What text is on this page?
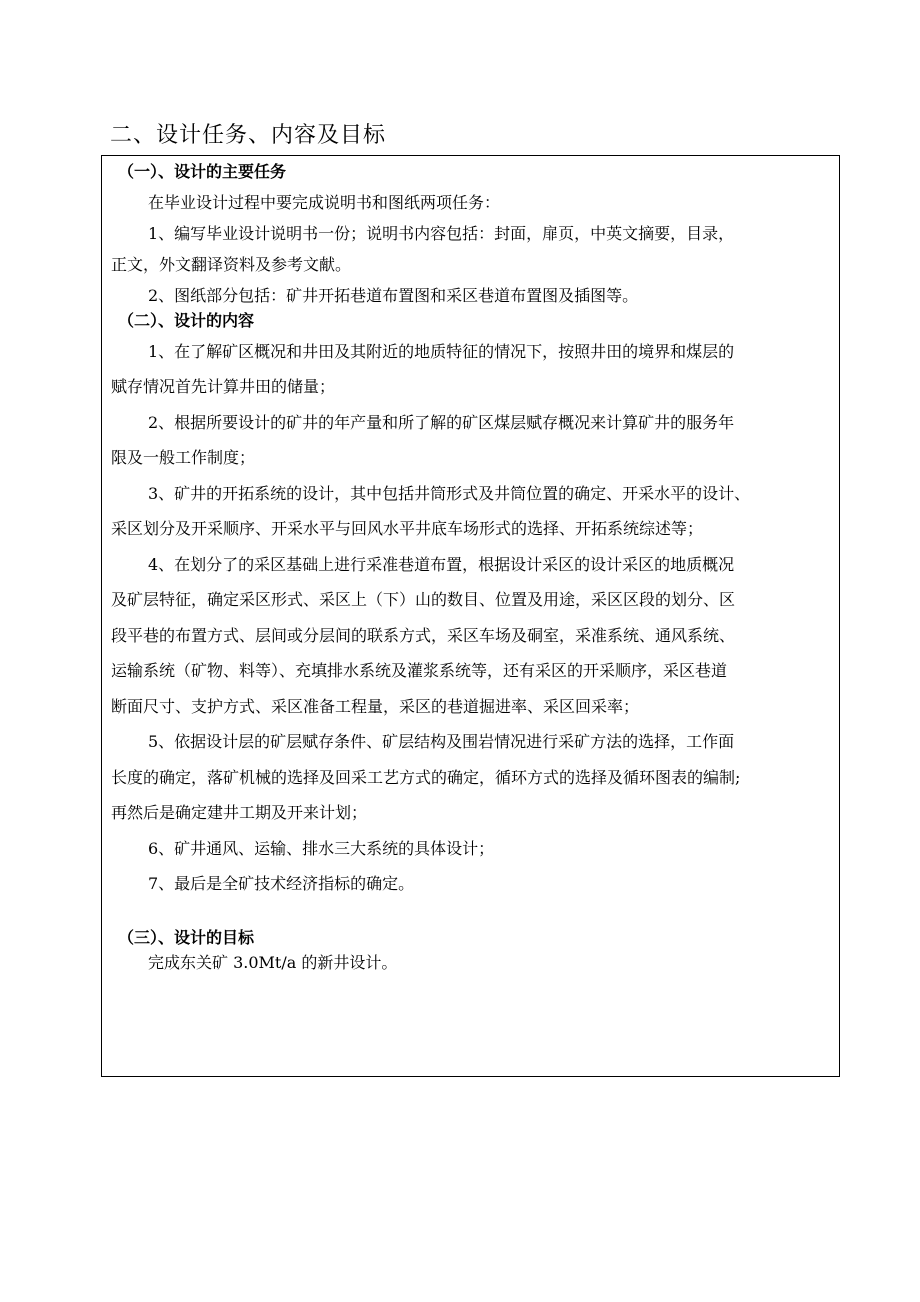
二、设计任务、内容及目标

（一）、设计的主要任务

在毕业设计过程中要完成说明书和图纸两项任务：

1、编写毕业设计说明书一份；说明书内容包括：封面，扉页，中英文摘要，目录，

正文，外文翻译资料及参考文献。

2、图纸部分包括：矿井开拓巷道布置图和采区巷道布置图及插图等。

（二）、设计的内容

1、在了解矿区概况和井田及其附近的地质特征的情况下，按照井田的境界和煤层的

赋存情况首先计算井田的储量；

2、根据所要设计的矿井的年产量和所了解的矿区煤层赋存概况来计算矿井的服务年

限及一般工作制度；

3、矿井的开拓系统的设计，其中包括井筒形式及井筒位置的确定、开采水平的设计、

采区划分及开采顺序、开采水平与回风水平井底车场形式的选择、开拓系统综述等；

4、在划分了的采区基础上进行采准巷道布置，根据设计采区的设计采区的地质概况

及矿层特征，确定采区形式、采区上（下）山的数目、位置及用途，采区区段的划分、区

段平巷的布置方式、层间或分层间的联系方式，采区车场及硐室，采准系统、通风系统、

运输系统（矿物、料等）、充填排水系统及灌浆系统等，还有采区的开采顺序，采区巷道

断面尺寸、支护方式、采区准备工程量，采区的巷道掘进率、采区回采率；

5、依据设计层的矿层赋存条件、矿层结构及围岩情况进行采矿方法的选择，工作面

长度的确定，落矿机械的选择及回采工艺方式的确定，循环方式的选择及循环图表的编制;

再然后是确定建井工期及开来计划；

6、矿井通风、运输、排水三大系统的具体设计；

7、最后是全矿技术经济指标的确定。

（三）、设计的目标

完成东关矿 3.0Mt/a 的新井设计。
